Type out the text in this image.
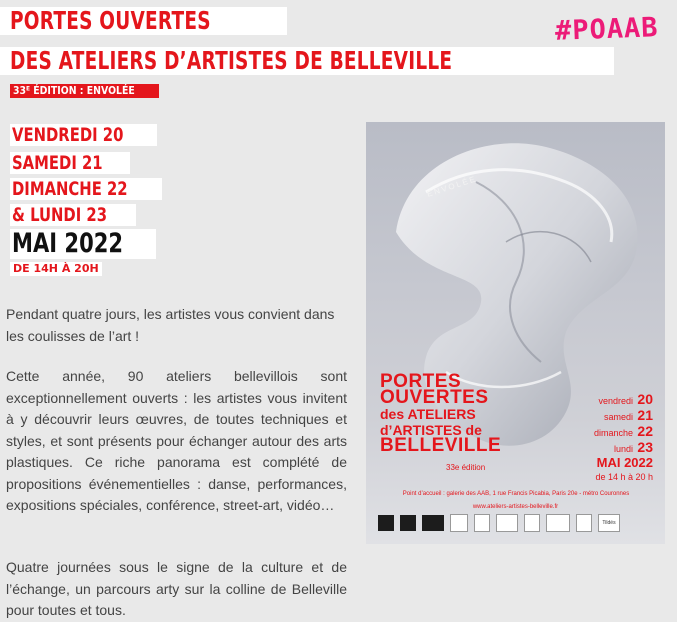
PORTES OUVERTES
DES ATELIERS D’ARTISTES DE BELLEVILLE
33ᴱ ÉDITION : ENVOLÉE
#POAAB
VENDREDI 20
SAMEDI 21
DIMANCHE 22
& LUNDI 23
MAI 2022
DE 14H À 20H

Pendant quatre jours, les artistes vous convient dans les coulisses de l’art !

Cette année, 90 ateliers bellevillois sont exceptionnellement ouverts : les artistes vous invitent à y découvrir leurs œuvres, de toutes techniques et styles, et sont présents pour échanger autour des arts plastiques. Ce riche panorama est complété de propositions événementielles : danse, performances, expositions spéciales, conférence, street-art, vidéo…

Quatre journées sous le signe de la culture et de l’échange, un parcours arty sur la colline de Belleville pour toutes et tous.

ENVOLÉE
PORTES
OUVERTES
des ATELIERS
d’ARTISTES de
BELLEVILLE
33e édition
vendredi 20
samedi 21
dimanche 22
lundi 23
MAI 2022
de 14 h à 20 h
Point d’accueil : galerie des AAB, 1 rue Francis Picabia, Paris 20e - métro Couronnes
www.ateliers-artistes-belleville.fr
Tildés
